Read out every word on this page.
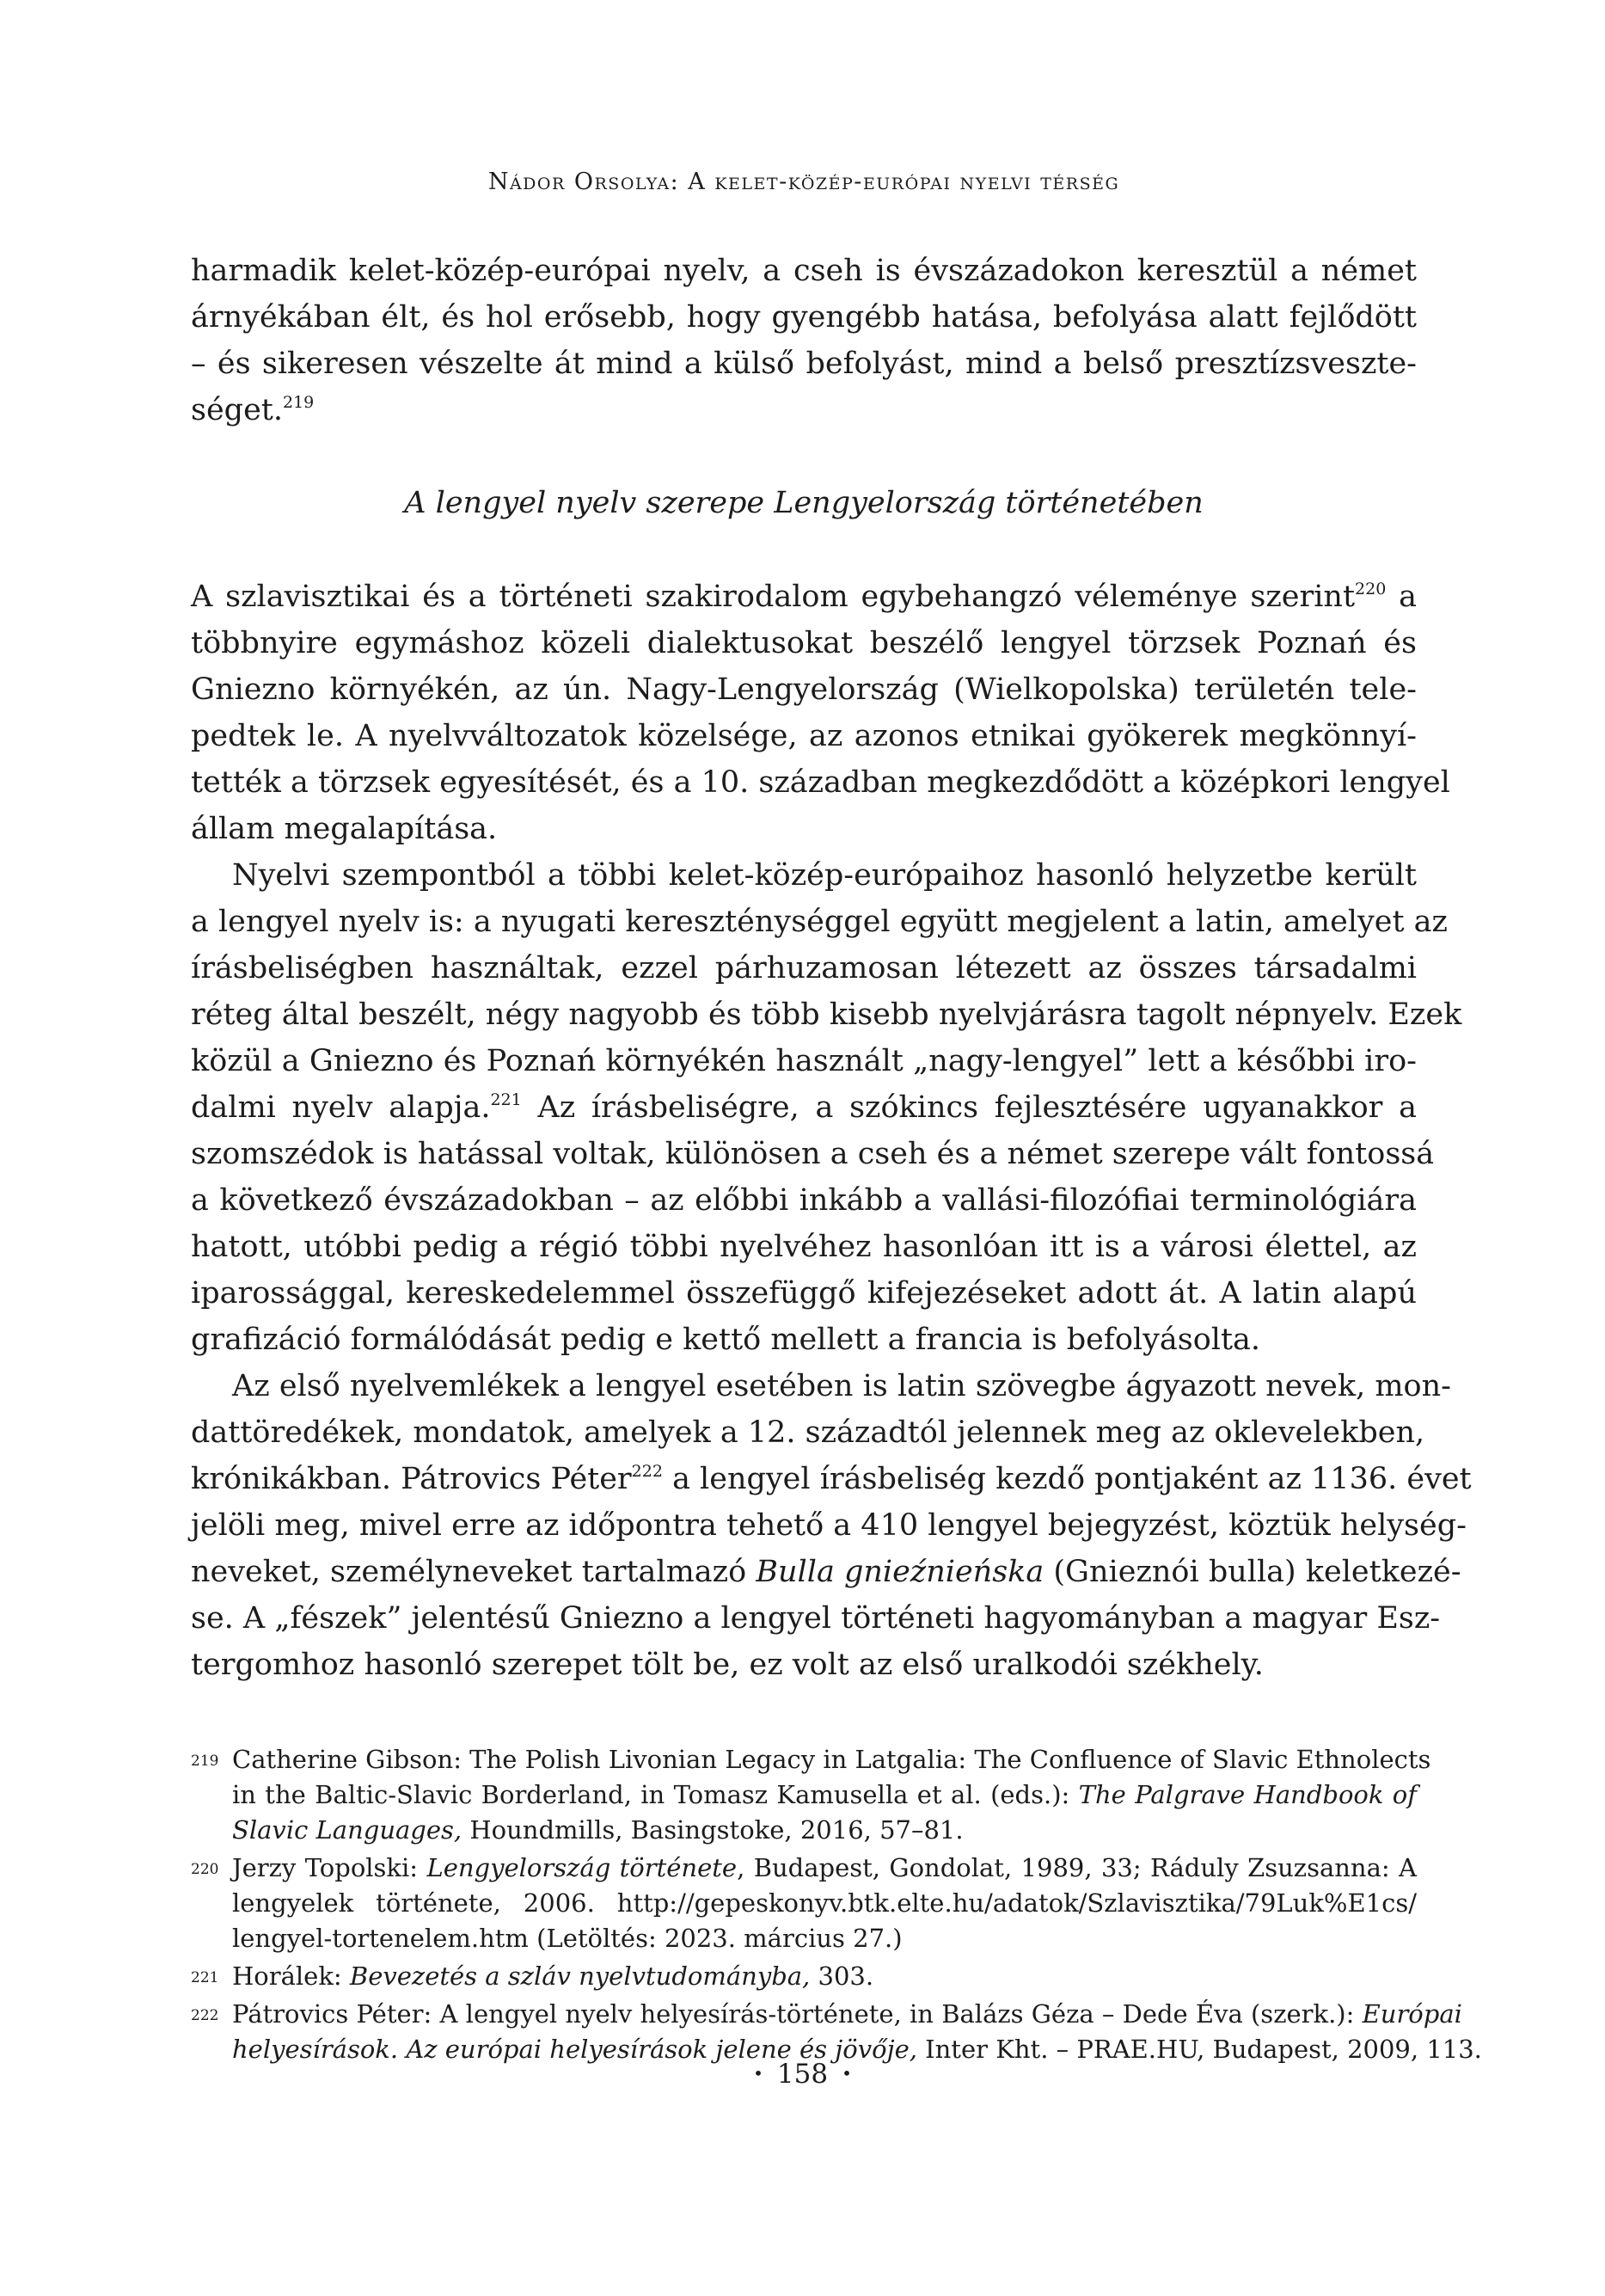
Nádor Orsolya: A kelet-közép-európai nyelvi térség
harmadik kelet-közép-európai nyelv, a cseh is évszázadokon keresztül a német
árnyékában élt, és hol erősebb, hogy gyengébb hatása, befolyása alatt fejlődött
– és sikeresen vészelte át mind a külső befolyást, mind a belső presztízsveszte-
séget.$^{219}$
A lengyel nyelv szerepe Lengyelország történetében
A szlavisztikai és a történeti szakirodalom egybehangzó véleménye szerint$^{220}$ a
többnyire egymáshoz közeli dialektusokat beszélő lengyel törzsek Poznań és
Gniezno környékén, az ún. Nagy-Lengyelország (Wielkopolska) területén tele-
pedtek le. A nyelvváltozatok közelsége, az azonos etnikai gyökerek megkönnyí-
tették a törzsek egyesítését, és a 10. században megkezdődött a középkori lengyel
állam megalapítása.
Nyelvi szempontból a többi kelet-közép-európaihoz hasonló helyzetbe került
a lengyel nyelv is: a nyugati kereszténységgel együtt megjelent a latin, amelyet az
írásbeliségben használtak, ezzel párhuzamosan létezett az összes társadalmi
réteg által beszélt, négy nagyobb és több kisebb nyelvjárásra tagolt népnyelv. Ezek
közül a Gniezno és Poznań környékén használt „nagy-lengyel” lett a későbbi iro-
dalmi nyelv alapja.$^{221}$ Az írásbeliségre, a szókincs fejlesztésére ugyanakkor a
szomszédok is hatással voltak, különösen a cseh és a német szerepe vált fontossá
a következő évszázadokban – az előbbi inkább a vallási-filozófiai terminológiára
hatott, utóbbi pedig a régió többi nyelvéhez hasonlóan itt is a városi élettel, az
iparossággal, kereskedelemmel összefüggő kifejezéseket adott át. A latin alapú
grafizáció formálódását pedig e kettő mellett a francia is befolyásolta.
Az első nyelvemlékek a lengyel esetében is latin szövegbe ágyazott nevek, mon-
dattöredékek, mondatok, amelyek a 12. századtól jelennek meg az oklevelekben,
krónikákban. Pátrovics Péter$^{222}$ a lengyel írásbeliség kezdő pontjaként az 1136. évet
jelöli meg, mivel erre az időpontra tehető a 410 lengyel bejegyzést, köztük helység-
neveket, személyneveket tartalmazó Bulla gnieźnieńska (Gnieznói bulla) keletkezé-
se. A „fészek” jelentésű Gniezno a lengyel történeti hagyományban a magyar Esz-
tergomhoz hasonló szerepet tölt be, ez volt az első uralkodói székhely.
219 Catherine Gibson: The Polish Livonian Legacy in Latgalia: The Confluence of Slavic Ethnolects
in the Baltic-Slavic Borderland, in Tomasz Kamusella et al. (eds.): The Palgrave Handbook of
Slavic Languages, Houndmills, Basingstoke, 2016, 57–81.
220 Jerzy Topolski: Lengyelország története, Budapest, Gondolat, 1989, 33; Ráduly Zsuzsanna: A
lengyelek története, 2006. http://gepeskonyv.btk.elte.hu/adatok/Szlavisztika/79Luk%E1cs/
lengyel-tortenelem.htm (Letöltés: 2023. március 27.)
221 Horálek: Bevezetés a szláv nyelvtudományba, 303.
222 Pátrovics Péter: A lengyel nyelv helyesírás-története, in Balázs Géza – Dede Éva (szerk.): Európai
helyesírások. Az európai helyesírások jelene és jövője, Inter Kht. – PRAE.HU, Budapest, 2009, 113.
• 158 •
